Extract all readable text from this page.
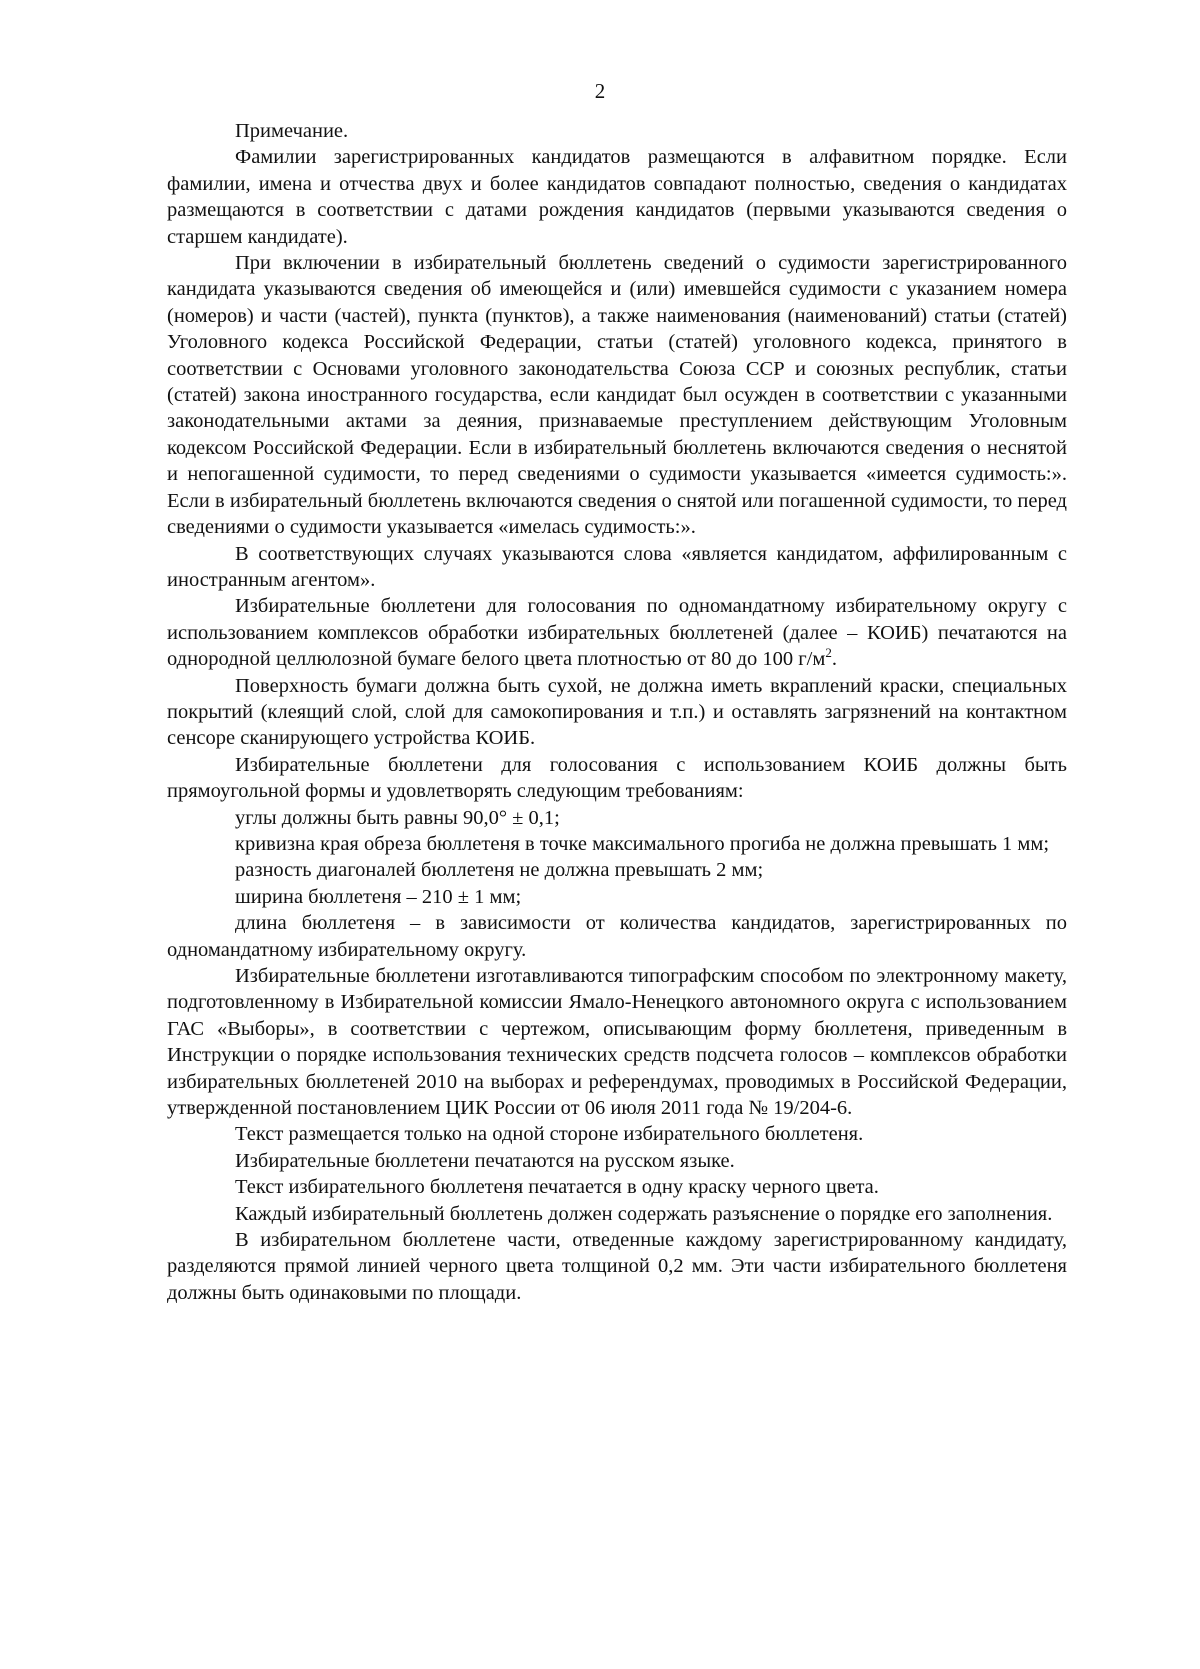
2

Примечание.

Фамилии зарегистрированных кандидатов размещаются в алфавитном порядке. Если фамилии, имена и отчества двух и более кандидатов совпадают полностью, сведения о кандидатах размещаются в соответствии с датами рождения кандидатов (первыми указываются сведения о старшем кандидате).

При включении в избирательный бюллетень сведений о судимости зарегистрированного кандидата указываются сведения об имеющейся и (или) имевшейся судимости с указанием номера (номеров) и части (частей), пункта (пунктов), а также наименования (наименований) статьи (статей) Уголовного кодекса Российской Федерации, статьи (статей) уголовного кодекса, принятого в соответствии с Основами уголовного законодательства Союза ССР и союзных республик, статьи (статей) закона иностранного государства, если кандидат был осужден в соответствии с указанными законодательными актами за деяния, признаваемые преступлением действующим Уголовным кодексом Российской Федерации. Если в избирательный бюллетень включаются сведения о неснятой и непогашенной судимости, то перед сведениями о судимости указывается «имеется судимость:». Если в избирательный бюллетень включаются сведения о снятой или погашенной судимости, то перед сведениями о судимости указывается «имелась судимость:».

В соответствующих случаях указываются слова «является кандидатом, аффилированным с иностранным агентом».

Избирательные бюллетени для голосования по одномандатному избирательному округу с использованием комплексов обработки избирательных бюллетеней (далее – КОИБ) печатаются на однородной целлюлозной бумаге белого цвета плотностью от 80 до 100 $г/м^2$.

Поверхность бумаги должна быть сухой, не должна иметь вкраплений краски, специальных покрытий (клеящий слой, слой для самокопирования и т.п.) и оставлять загрязнений на контактном сенсоре сканирующего устройства КОИБ.

Избирательные бюллетени для голосования с использованием КОИБ должны быть прямоугольной формы и удовлетворять следующим требованиям:

углы должны быть равны 90,0° ± 0,1;

кривизна края обреза бюллетеня в точке максимального прогиба не должна превышать 1 мм;

разность диагоналей бюллетеня не должна превышать 2 мм;

ширина бюллетеня – 210 ± 1 мм;

длина бюллетеня – в зависимости от количества кандидатов, зарегистрированных по одномандатному избирательному округу.

Избирательные бюллетени изготавливаются типографским способом по электронному макету, подготовленному в Избирательной комиссии Ямало-Ненецкого автономного округа с использованием ГАС «Выборы», в соответствии с чертежом, описывающим форму бюллетеня, приведенным в Инструкции о порядке использования технических средств подсчета голосов – комплексов обработки избирательных бюллетеней 2010 на выборах и референдумах, проводимых в Российской Федерации, утвержденной постановлением ЦИК России от 06 июля 2011 года № 19/204-6.

Текст размещается только на одной стороне избирательного бюллетеня.

Избирательные бюллетени печатаются на русском языке.

Текст избирательного бюллетеня печатается в одну краску черного цвета.

Каждый избирательный бюллетень должен содержать разъяснение о порядке его заполнения.

В избирательном бюллетене части, отведенные каждому зарегистрированному кандидату, разделяются прямой линией черного цвета толщиной 0,2 мм. Эти части избирательного бюллетеня должны быть одинаковыми по площади.
